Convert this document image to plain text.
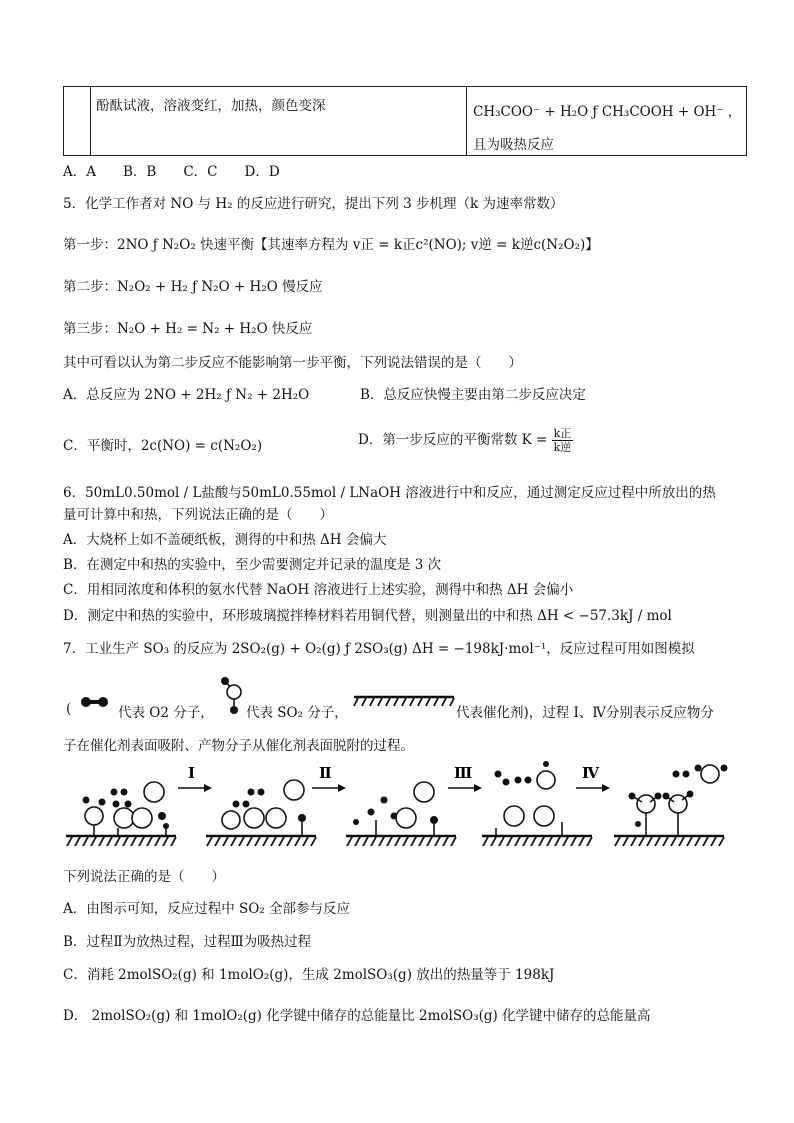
酚酞试液，溶液变红，加热，颜色变深	CH₃COO⁻ + H₂O ƒ CH₃COOH + OH⁻ ，
且为吸热反应
A．A　　B．B　　C．C　　D．D
5．化学工作者对 NO 与 H₂ 的反应进行研究，提出下列 3 步机理（k 为速率常数）
第一步：2NO ƒ N₂O₂ 快速平衡【其速率方程为 v正 = k正c²(NO); v逆 = k逆c(N₂O₂)】
第二步：N₂O₂ + H₂ ƒ N₂O + H₂O 慢反应
第三步：N₂O + H₂ = N₂ + H₂O 快反应
其中可看以认为第二步反应不能影响第一步平衡，下列说法错误的是（　　）
A．总反应为 2NO + 2H₂ ƒ N₂ + 2H₂O	B．总反应快慢主要由第二步反应决定
C．平衡时，2c(NO) = c(N₂O₂)	D．第一步反应的平衡常数 $K = \frac{\text{k正}}{\text{k逆}}$
6．50mL0.50mol / L盐酸与50mL0.55mol / LNaOH 溶液进行中和反应，通过测定反应过程中所放出的热
量可计算中和热，下列说法正确的是（　　）
A．大烧杯上如不盖硬纸板，测得的中和热 ΔH 会偏大
B．在测定中和热的实验中，至少需要测定并记录的温度是 3 次
C．用相同浓度和体积的氨水代替 NaOH 溶液进行上述实验，测得中和热 ΔH 会偏小
D．测定中和热的实验中，环形玻璃搅拌棒材料若用铜代替，则测量出的中和热 ΔH < −57.3kJ / mol
7．工业生产 SO₃ 的反应为 2SO₂(g) + O₂(g) ƒ 2SO₃(g) ΔH = −198kJ·mol⁻¹，反应过程可用如图模拟
(	代表 O2 分子， 代表 SO₂ 分子，	代表催化剂)，过程 Ⅰ、Ⅳ分别表示反应物分
子在催化剂表面吸附、产物分子从催化剂表面脱附的过程。
Ⅰ	Ⅱ	Ⅲ	Ⅳ
下列说法正确的是（　　）
A．由图示可知，反应过程中 SO₂ 全部参与反应
B．过程Ⅱ为放热过程，过程Ⅲ为吸热过程
C．消耗 2molSO₂(g) 和 1molO₂(g)，生成 2molSO₃(g) 放出的热量等于 198kJ
D． 2molSO₂(g) 和 1molO₂(g) 化学键中储存的总能量比 2molSO₃(g) 化学键中储存的总能量高
